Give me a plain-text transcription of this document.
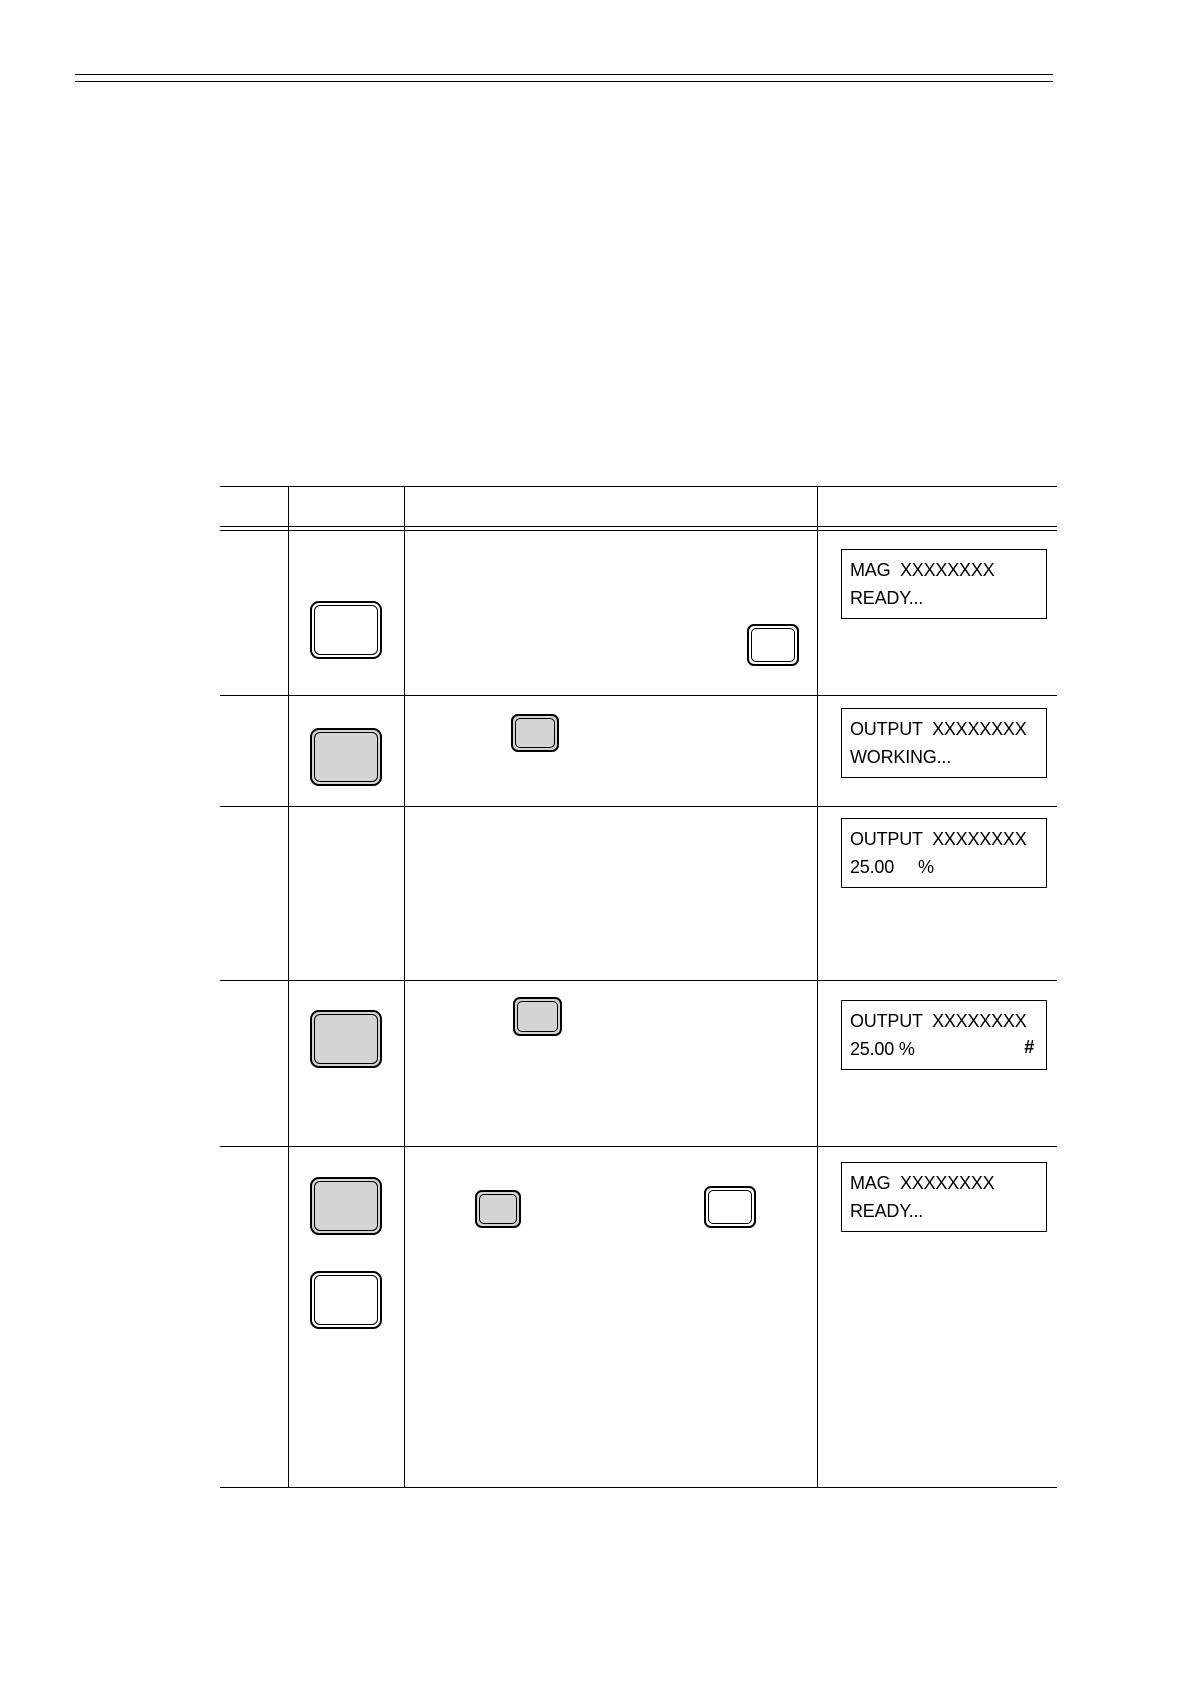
MAG  XXXXXXXX
READY...
OUTPUT  XXXXXXXX
WORKING...
OUTPUT  XXXXXXXX
25.00     %
OUTPUT  XXXXXXXX
25.00 %	#
MAG  XXXXXXXX
READY...
